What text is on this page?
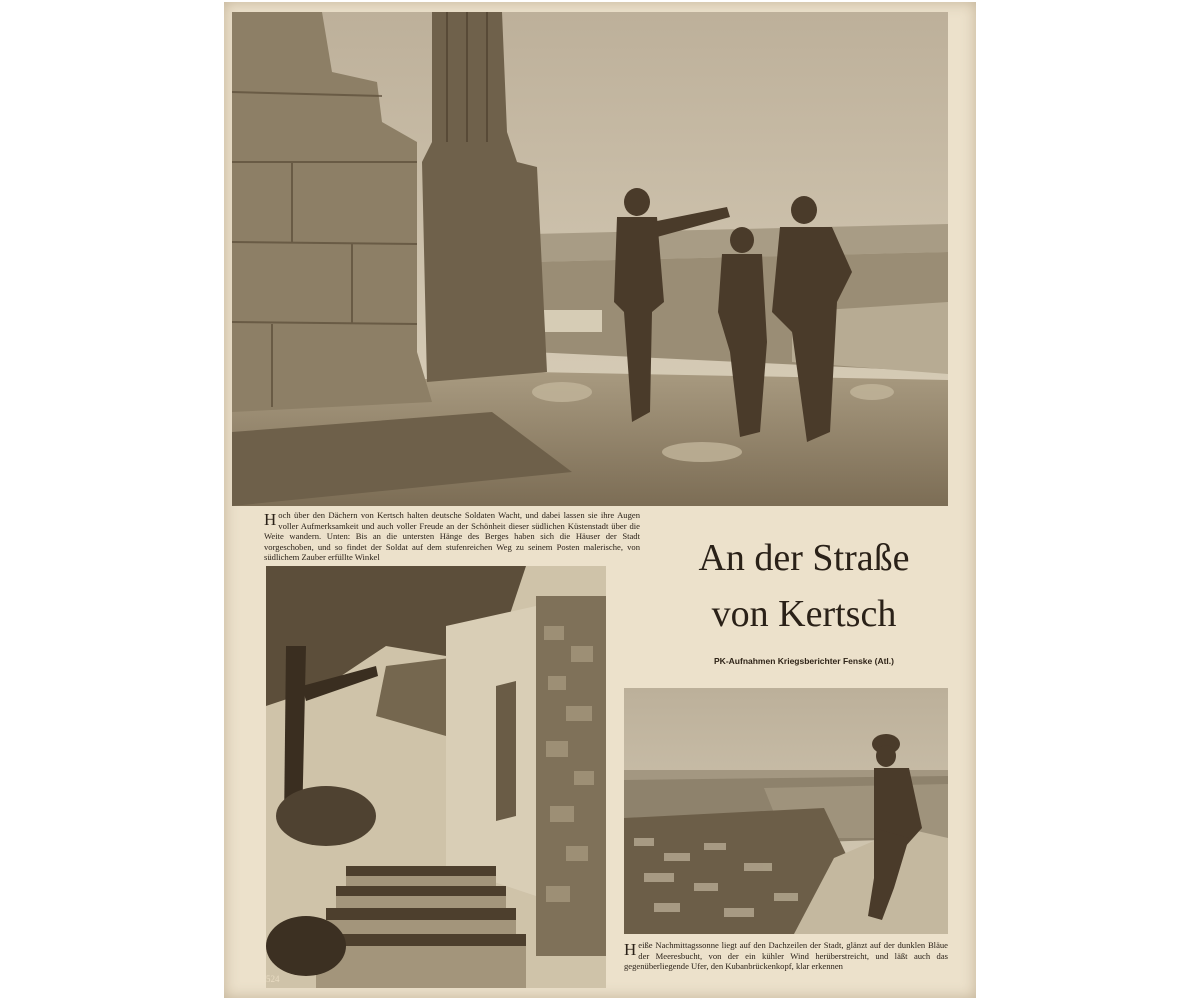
Hoch über den Dächern von Kertsch halten deutsche Soldaten Wacht, und dabei lassen sie ihre Augen voller Aufmerksamkeit und auch voller Freude an der Schönheit dieser südlichen Küstenstadt über die Weite wandern. Unten: Bis an die untersten Hänge des Berges haben sich die Häuser der Stadt vorgeschoben, und so findet der Soldat auf dem stufenreichen Weg zu seinem Posten malerische, von südlichem Zauber erfüllte Winkel	An der Straße
von Kertsch
PK-Aufnahmen Kriegsberichter Fenske (Atl.)
524
Heiße Nachmittagssonne liegt auf den Dachzeilen der Stadt, glänzt auf der dunklen Bläue der Meeresbucht, von der ein kühler Wind herüberstreicht, und läßt auch das gegenüberliegende Ufer, den Kubanbrückenkopf, klar erkennen
